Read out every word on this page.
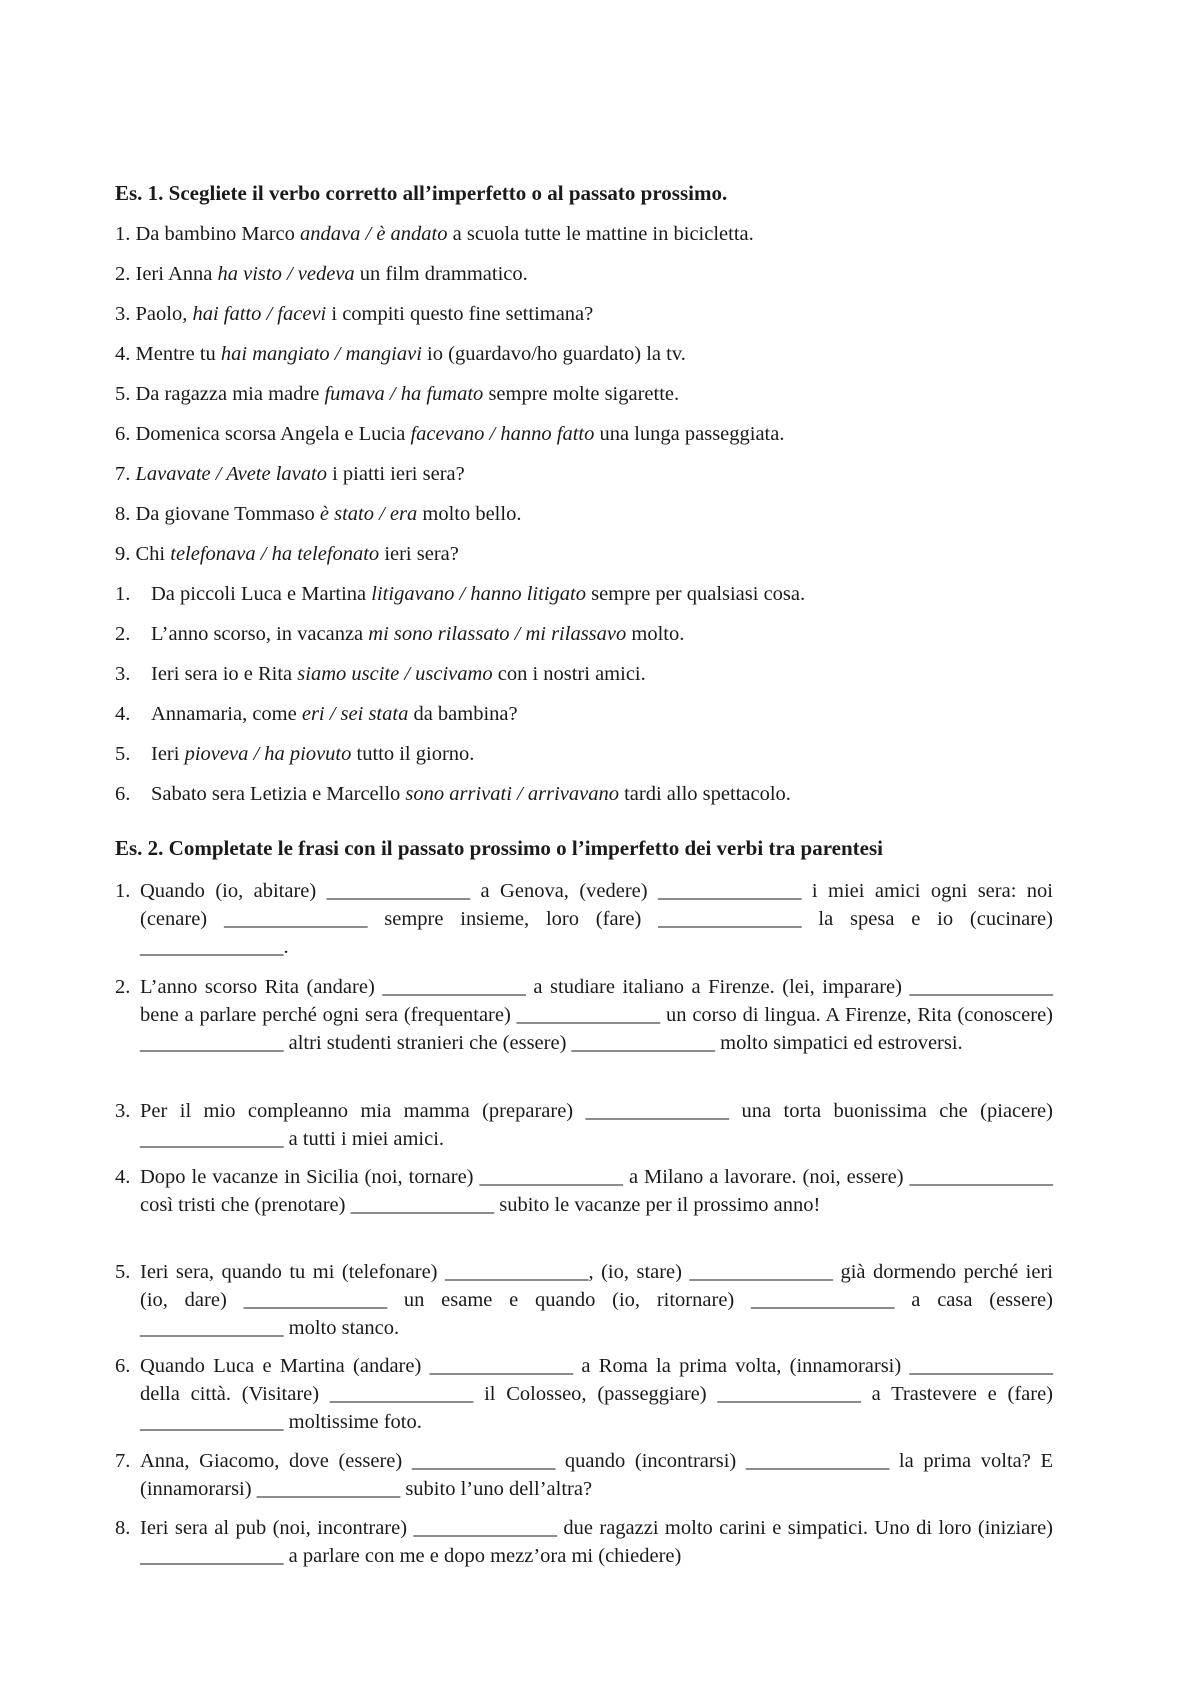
Es. 1. Scegliete il verbo corretto all’imperfetto o al passato prossimo.
1. Da bambino Marco andava / è andato a scuola tutte le mattine in bicicletta.
2. Ieri Anna ha visto / vedeva un film drammatico.
3. Paolo, hai fatto / facevi i compiti questo fine settimana?
4. Mentre tu hai mangiato / mangiavi io (guardavo/ho guardato) la tv.
5. Da ragazza mia madre fumava / ha fumato sempre molte sigarette.
6. Domenica scorsa Angela e Lucia facevano / hanno fatto una lunga passeggiata.
7. Lavavate / Avete lavato i piatti ieri sera?
8. Da giovane Tommaso è stato / era molto bello.
9. Chi telefonava / ha telefonato ieri sera?
1. Da piccoli Luca e Martina litigavano / hanno litigato sempre per qualsiasi cosa.
2. L’anno scorso, in vacanza mi sono rilassato / mi rilassavo molto.
3. Ieri sera io e Rita siamo uscite / uscivamo con i nostri amici.
4. Annamaria, come eri / sei stata da bambina?
5. Ieri pioveva / ha piovuto tutto il giorno.
6. Sabato sera Letizia e Marcello sono arrivati / arrivavano tardi allo spettacolo.
Es. 2. Completate le frasi con il passato prossimo o l’imperfetto dei verbi tra parentesi
1. Quando (io, abitare) ______________ a Genova, (vedere) ______________ i miei amici ogni sera: noi (cenare) ______________ sempre insieme, loro (fare) ______________ la spesa e io (cucinare) ______________.
2. L’anno scorso Rita (andare) ______________ a studiare italiano a Firenze. (lei, imparare) ______________ bene a parlare perché ogni sera (frequentare) ______________ un corso di lingua. A Firenze, Rita (conoscere) ______________ altri studenti stranieri che (essere) ______________ molto simpatici ed estroversi.
3. Per il mio compleanno mia mamma (preparare) ______________ una torta buonissima che (piacere) ______________ a tutti i miei amici.
4. Dopo le vacanze in Sicilia (noi, tornare) ______________ a Milano a lavorare. (noi, essere) ______________ così tristi che (prenotare) ______________ subito le vacanze per il prossimo anno!
5. Ieri sera, quando tu mi (telefonare) ______________, (io, stare) ______________ già dormendo perché ieri (io, dare) ______________ un esame e quando (io, ritornare) ______________ a casa (essere) ______________ molto stanco.
6. Quando Luca e Martina (andare) ______________ a Roma la prima volta, (innamorarsi) ______________ della città. (Visitare) ______________ il Colosseo, (passeggiare) ______________ a Trastevere e (fare) ______________ moltissime foto.
7. Anna, Giacomo, dove (essere) ______________ quando (incontrarsi) ______________ la prima volta? E (innamorarsi) ______________ subito l’uno dell’altra?
8. Ieri sera al pub (noi, incontrare) ______________ due ragazzi molto carini e simpatici. Uno di loro (iniziare) ______________ a parlare con me e dopo mezz’ora mi (chiedere)
